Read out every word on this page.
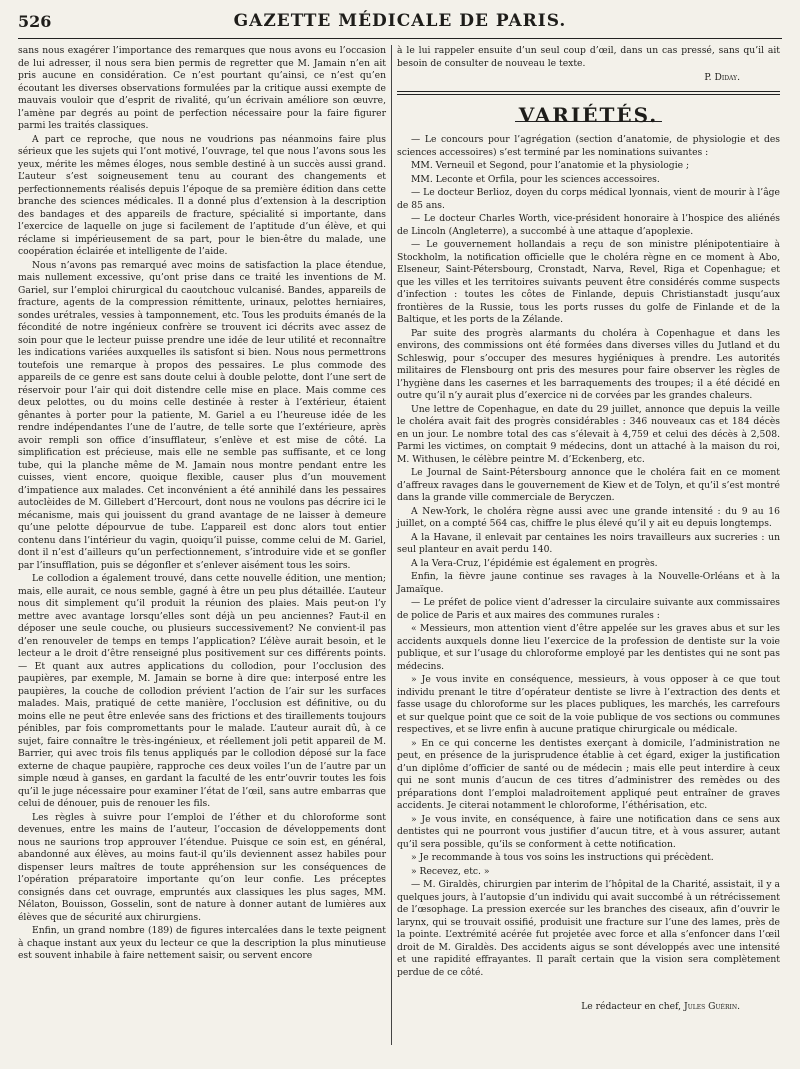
526	GAZETTE MÉDICALE DE PARIS.

sans nous exagérer l’importance des remarques que nous avons eu l’occasion de lui adresser, il nous sera bien permis de regretter que M. Jamain n’en ait pris aucune en considération. Ce n’est pourtant qu’ainsi, ce n’est qu’en écoutant les diverses observations formulées par la critique aussi exempte de mauvais vouloir que d’esprit de rivalité, qu’un écrivain améliore son œuvre, l’amène par degrés au point de perfection nécessaire pour la faire figurer parmi les traités classiques.

A part ce reproche, que nous ne voudrions pas néanmoins faire plus sérieux que les sujets qui l’ont motivé, l’ouvrage, tel que nous l’avons sous les yeux, mérite les mêmes éloges, nous semble destiné à un succès aussi grand. L’auteur s’est soigneusement tenu au courant des changements et perfectionnements réalisés depuis l’époque de sa première édition dans cette branche des sciences médicales. Il a donné plus d’extension à la description des bandages et des appareils de fracture, spécialité si importante, dans l’exercice de laquelle on juge si facilement de l’aptitude d’un élève, et qui réclame si impérieusement de sa part, pour le bien-être du malade, une coopération éclairée et intelligente de l’aide.

Nous n’avons pas remarqué avec moins de satisfaction la place étendue, mais nullement excessive, qu’ont prise dans ce traité les inventions de M. Gariel, sur l’emploi chirurgical du caoutchouc vulcanisé. Bandes, appareils de fracture, agents de la compression rémittente, urinaux, pelottes herniaires, sondes urétrales, vessies à tamponnement, etc. Tous les produits émanés de la fécondité de notre ingénieux confrère se trouvent ici décrits avec assez de soin pour que le lecteur puisse prendre une idée de leur utilité et reconnaître les indications variées auxquelles ils satisfont si bien. Nous nous permettrons toutefois une remarque à propos des pessaires. Le plus commode des appareils de ce genre est sans doute celui à double pelotte, dont l’une sert de réservoir pour l’air qui doit distendre celle mise en place. Mais comme ces deux pelottes, ou du moins celle destinée à rester à l’extérieur, étaient gênantes à porter pour la patiente, M. Gariel a eu l’heureuse idée de les rendre indépendantes l’une de l’autre, de telle sorte que l’extérieure, après avoir rempli son office d’insufflateur, s’enlève et est mise de côté. La simplification est précieuse, mais elle ne semble pas suffisante, et ce long tube, qui la planche même de M. Jamain nous montre pendant entre les cuisses, vient encore, quoique flexible, causer plus d’un mouvement d’impatience aux malades. Cet inconvénient a été annihilé dans les pessaires autoclèides de M. Gillebert d’Hercourt, dont nous ne voulons pas décrire ici le mécanisme, mais qui jouissent du grand avantage de ne laisser à demeure qu’une pelotte dépourvue de tube. L’appareil est donc alors tout entier contenu dans l’intérieur du vagin, quoiqu’il puisse, comme celui de M. Gariel, dont il n’est d’ailleurs qu’un perfectionnement, s’introduire vide et se gonfler par l’insufflation, puis se dégonfler et s’enlever aisément tous les soirs.

Le collodion a également trouvé, dans cette nouvelle édition, une mention; mais, elle aurait, ce nous semble, gagné à être un peu plus détaillée. L’auteur nous dit simplement qu’il produit la réunion des plaies. Mais peut-on l’y mettre avec avantage lorsqu’elles sont déjà un peu anciennes? Faut-il en déposer une seule couche, ou plusieurs successivement? Ne convient-il pas d’en renouveler de temps en temps l’application? L’élève aurait besoin, et le lecteur a le droit d’être renseigné plus positivement sur ces différents points. — Et quant aux autres applications du collodion, pour l’occlusion des paupières, par exemple, M. Jamain se borne à dire que: interposé entre les paupières, la couche de collodion prévient l’action de l’air sur les surfaces malades. Mais, pratiqué de cette manière, l’occlusion est définitive, ou du moins elle ne peut être enlevée sans des frictions et des tiraillements toujours pénibles, par fois compromettants pour le malade. L’auteur aurait dû, à ce sujet, faire connaître le très-ingénieux, et réellement joli petit appareil de M. Barrier, qui avec trois fils tenus appliqués par le collodion déposé sur la face externe de chaque paupière, rapproche ces deux voiles l’un de l’autre par un simple nœud à ganses, en gardant la faculté de les entr’ouvrir toutes les fois qu’il le juge nécessaire pour examiner l’état de l’œil, sans autre embarras que celui de dénouer, puis de renouer les fils.

Les règles à suivre pour l’emploi de l’éther et du chloroforme sont devenues, entre les mains de l’auteur, l’occasion de développements dont nous ne saurions trop approuver l’étendue. Puisque ce soin est, en général, abandonné aux élèves, au moins faut-il qu’ils deviennent assez habiles pour dispenser leurs maîtres de toute appréhension sur les conséquences de l’opération préparatoire importante qu’on leur confie. Les préceptes consignés dans cet ouvrage, empruntés aux classiques les plus sages, MM. Nélaton, Bouisson, Gosselin, sont de nature à donner autant de lumières aux élèves que de sécurité aux chirurgiens.

Enfin, un grand nombre (189) de figures intercalées dans le texte peignent à chaque instant aux yeux du lecteur ce que la description la plus minutieuse est souvent inhabile à faire nettement saisir, ou servent encore

à le lui rappeler ensuite d’un seul coup d’œil, dans un cas pressé, sans qu’il ait besoin de consulter de nouveau le texte.

P. Diday.
VARIÉTÉS.

— Le concours pour l’agrégation (section d’anatomie, de physiologie et des sciences accessoires) s’est terminé par les nominations suivantes :

MM. Verneuil et Segond, pour l’anatomie et la physiologie ;

MM. Leconte et Orfila, pour les sciences accessoires.

— Le docteur Berlioz, doyen du corps médical lyonnais, vient de mourir à l’âge de 85 ans.

— Le docteur Charles Worth, vice-président honoraire à l’hospice des aliénés de Lincoln (Angleterre), a succombé à une attaque d’apoplexie.

— Le gouvernement hollandais a reçu de son ministre plénipotentiaire à Stockholm, la notification officielle que le choléra règne en ce moment à Abo, Elseneur, Saint-Pétersbourg, Cronstadt, Narva, Revel, Riga et Copenhague; et que les villes et les territoires suivants peuvent être considérés comme suspects d’infection : toutes les côtes de Finlande, depuis Christianstadt jusqu’aux frontières de la Russie, tous les ports russes du golfe de Finlande et de la Baltique, et les ports de la Zélande.

Par suite des progrès alarmants du choléra à Copenhague et dans les environs, des commissions ont été formées dans diverses villes du Jutland et du Schleswig, pour s’occuper des mesures hygiéniques à prendre. Les autorités militaires de Flensbourg ont pris des mesures pour faire observer les règles de l’hygiène dans les casernes et les barraquements des troupes; il a été décidé en outre qu’il n’y aurait plus d’exercice ni de corvées par les grandes chaleurs.

Une lettre de Copenhague, en date du 29 juillet, annonce que depuis la veille le choléra avait fait des progrès considérables : 346 nouveaux cas et 184 décès en un jour. Le nombre total des cas s’élevait à 4,759 et celui des décès à 2,508. Parmi les victimes, on comptait 9 médecins, dont un attaché à la maison du roi, M. Withusen, le célèbre peintre M. d’Eckenberg, etc.

Le Journal de Saint-Pétersbourg annonce que le choléra fait en ce moment d’affreux ravages dans le gouvernement de Kiew et de Tolyn, et qu’il s’est montré dans la grande ville commerciale de Beryczen.

A New-York, le choléra règne aussi avec une grande intensité : du 9 au 16 juillet, on a compté 564 cas, chiffre le plus élevé qu’il y ait eu depuis longtemps.

A la Havane, il enlevait par centaines les noirs travailleurs aux sucreries : un seul planteur en avait perdu 140.

A la Vera-Cruz, l’épidémie est également en progrès.

Enfin, la fièvre jaune continue ses ravages à la Nouvelle-Orléans et à la Jamaïque.

— Le préfet de police vient d’adresser la circulaire suivante aux commissaires de police de Paris et aux maires des communes rurales :

« Messieurs, mon attention vient d’être appelée sur les graves abus et sur les accidents auxquels donne lieu l’exercice de la profession de dentiste sur la voie publique, et sur l’usage du chloroforme employé par les dentistes qui ne sont pas médecins.

» Je vous invite en conséquence, messieurs, à vous opposer à ce que tout individu prenant le titre d’opérateur dentiste se livre à l’extraction des dents et fasse usage du chloroforme sur les places publiques, les marchés, les carrefours et sur quelque point que ce soit de la voie publique de vos sections ou communes respectives, et se livre enfin à aucune pratique chirurgicale ou médicale.

» En ce qui concerne les dentistes exerçant à domicile, l’administration ne peut, en présence de la jurisprudence établie à cet égard, exiger la justification d’un diplôme d’officier de santé ou de médecin ; mais elle peut interdire à ceux qui ne sont munis d’aucun de ces titres d’administrer des remèdes ou des préparations dont l’emploi maladroitement appliqué peut entraîner de graves accidents. Je citerai notamment le chloroforme, l’éthérisation, etc.

» Je vous invite, en conséquence, à faire une notification dans ce sens aux dentistes qui ne pourront vous justifier d’aucun titre, et à vous assurer, autant qu’il sera possible, qu’ils se conforment à cette notification.

» Je recommande à tous vos soins les instructions qui précèdent.

» Recevez, etc. »

— M. Giraldès, chirurgien par interim de l’hôpital de la Charité, assistait, il y a quelques jours, à l’autopsie d’un individu qui avait succombé à un rétrécissement de l’œsophage. La pression exercée sur les branches des ciseaux, afin d’ouvrir le larynx, qui se trouvait ossifié, produisit une fracture sur l’une des lames, près de la pointe. L’extrémité acérée fut projetée avec force et alla s’enfoncer dans l’œil droit de M. Giraldès. Des accidents aigus se sont développés avec une intensité et une rapidité effrayantes. Il paraît certain que la vision sera complètement perdue de ce côté.

Le rédacteur en chef, Jules Guérin.
